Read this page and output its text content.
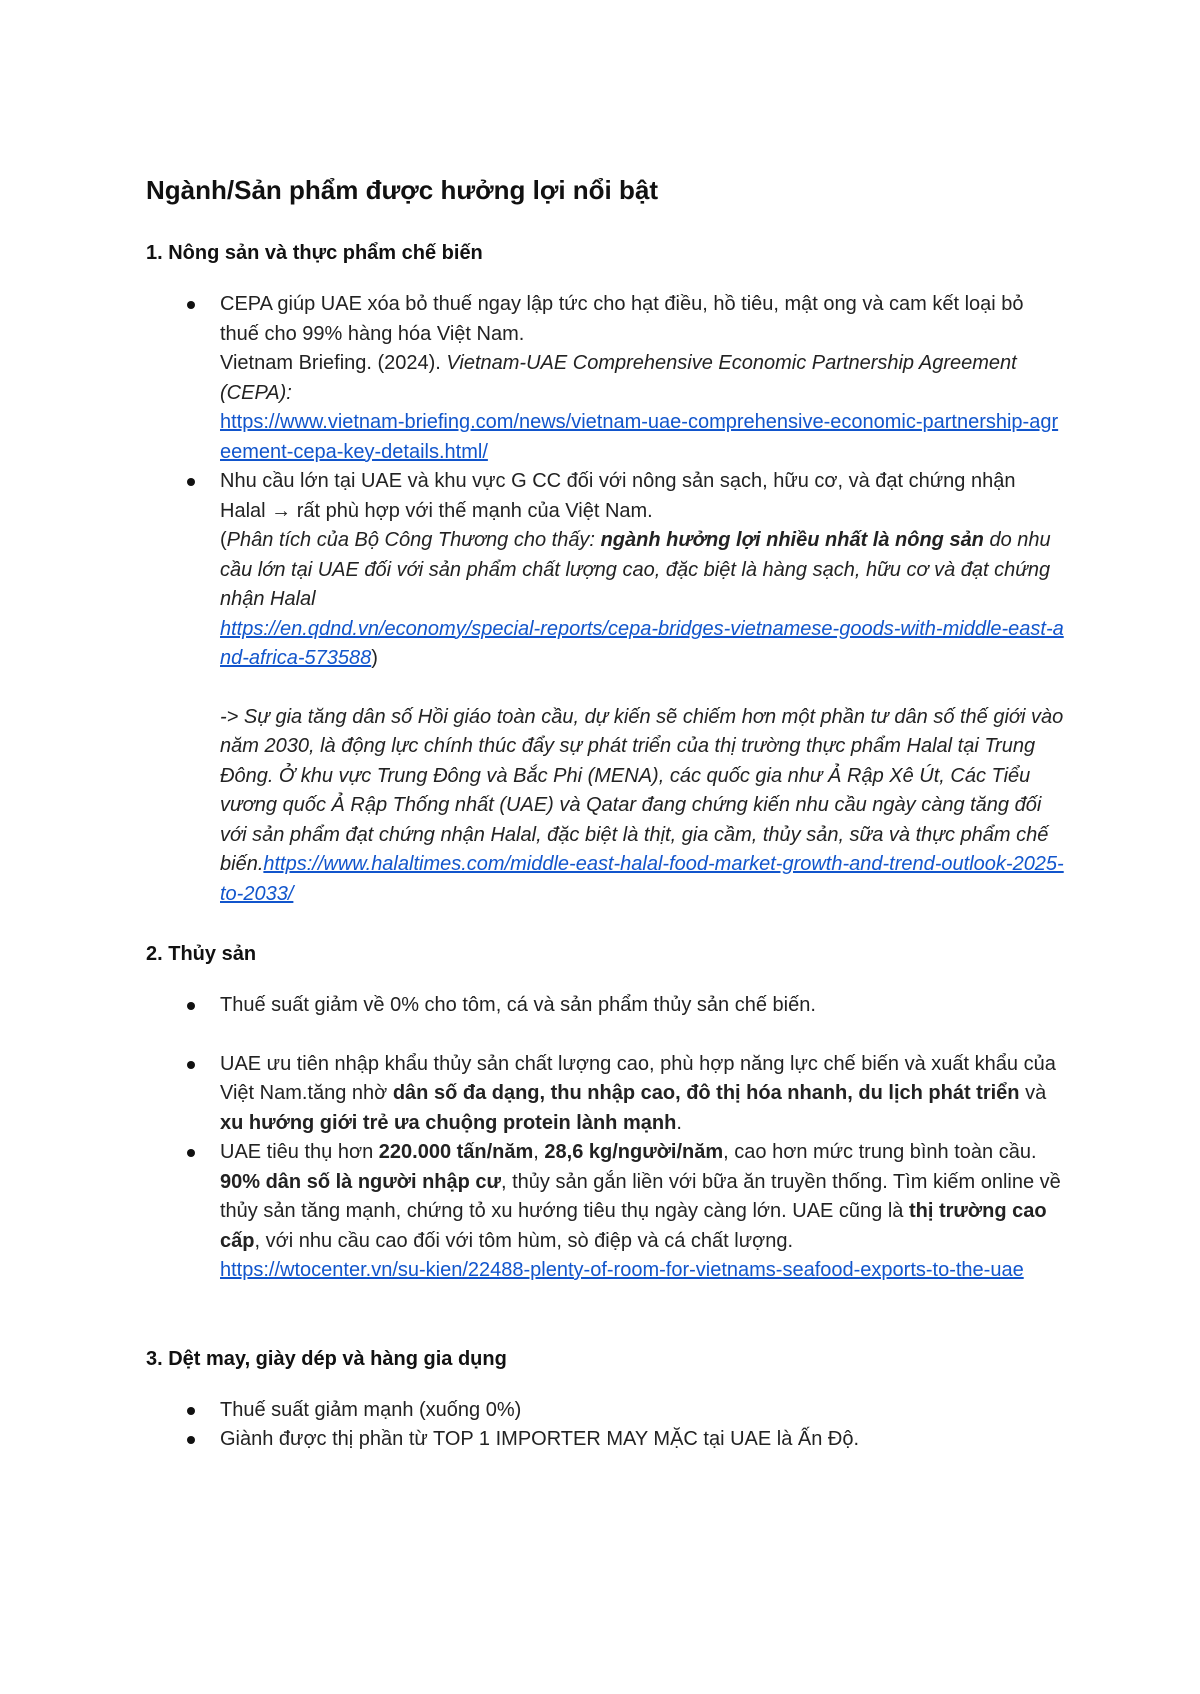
Ngành/Sản phẩm được hưởng lợi nổi bật
1. Nông sản và thực phẩm chế biến
CEPA giúp UAE xóa bỏ thuế ngay lập tức cho hạt điều, hồ tiêu, mật ong và cam kết loại bỏ thuế cho 99% hàng hóa Việt Nam.
Vietnam Briefing. (2024). Vietnam-UAE Comprehensive Economic Partnership Agreement (CEPA):
https://www.vietnam-briefing.com/news/vietnam-uae-comprehensive-economic-partnership-agreement-cepa-key-details.html/
Nhu cầu lớn tại UAE và khu vực G CC đối với nông sản sạch, hữu cơ, và đạt chứng nhận Halal → rất phù hợp với thế mạnh của Việt Nam.
(Phân tích của Bộ Công Thương cho thấy: ngành hưởng lợi nhiều nhất là nông sản do nhu cầu lớn tại UAE đối với sản phẩm chất lượng cao, đặc biệt là hàng sạch, hữu cơ và đạt chứng nhận Halal
https://en.qdnd.vn/economy/special-reports/cepa-bridges-vietnamese-goods-with-middle-east-and-africa-573588)
-> Sự gia tăng dân số Hồi giáo toàn cầu, dự kiến sẽ chiếm hơn một phần tư dân số thế giới vào năm 2030, là động lực chính thúc đẩy sự phát triển của thị trường thực phẩm Halal tại Trung Đông. Ở khu vực Trung Đông và Bắc Phi (MENA), các quốc gia như Ả Rập Xê Út, Các Tiểu vương quốc Ả Rập Thống nhất (UAE) và Qatar đang chứng kiến nhu cầu ngày càng tăng đối với sản phẩm đạt chứng nhận Halal, đặc biệt là thịt, gia cầm, thủy sản, sữa và thực phẩm chế biến.https://www.halaltimes.com/middle-east-halal-food-market-growth-and-trend-outlook-2025-to-2033/
2. Thủy sản
Thuế suất giảm về 0% cho tôm, cá và sản phẩm thủy sản chế biến.
UAE ưu tiên nhập khẩu thủy sản chất lượng cao, phù hợp năng lực chế biến và xuất khẩu của Việt Nam.tăng nhờ dân số đa dạng, thu nhập cao, đô thị hóa nhanh, du lịch phát triển và xu hướng giới trẻ ưa chuộng protein lành mạnh.
UAE tiêu thụ hơn 220.000 tấn/năm, 28,6 kg/người/năm, cao hơn mức trung bình toàn cầu. 90% dân số là người nhập cư, thủy sản gắn liền với bữa ăn truyền thống. Tìm kiếm online về thủy sản tăng mạnh, chứng tỏ xu hướng tiêu thụ ngày càng lớn. UAE cũng là thị trường cao cấp, với nhu cầu cao đối với tôm hùm, sò điệp và cá chất lượng.
https://wtocenter.vn/su-kien/22488-plenty-of-room-for-vietnams-seafood-exports-to-the-uae
3. Dệt may, giày dép và hàng gia dụng
Thuế suất giảm mạnh (xuống 0%)
Giành được thị phần từ TOP 1 IMPORTER MAY MẶC tại UAE là Ấn Độ.
